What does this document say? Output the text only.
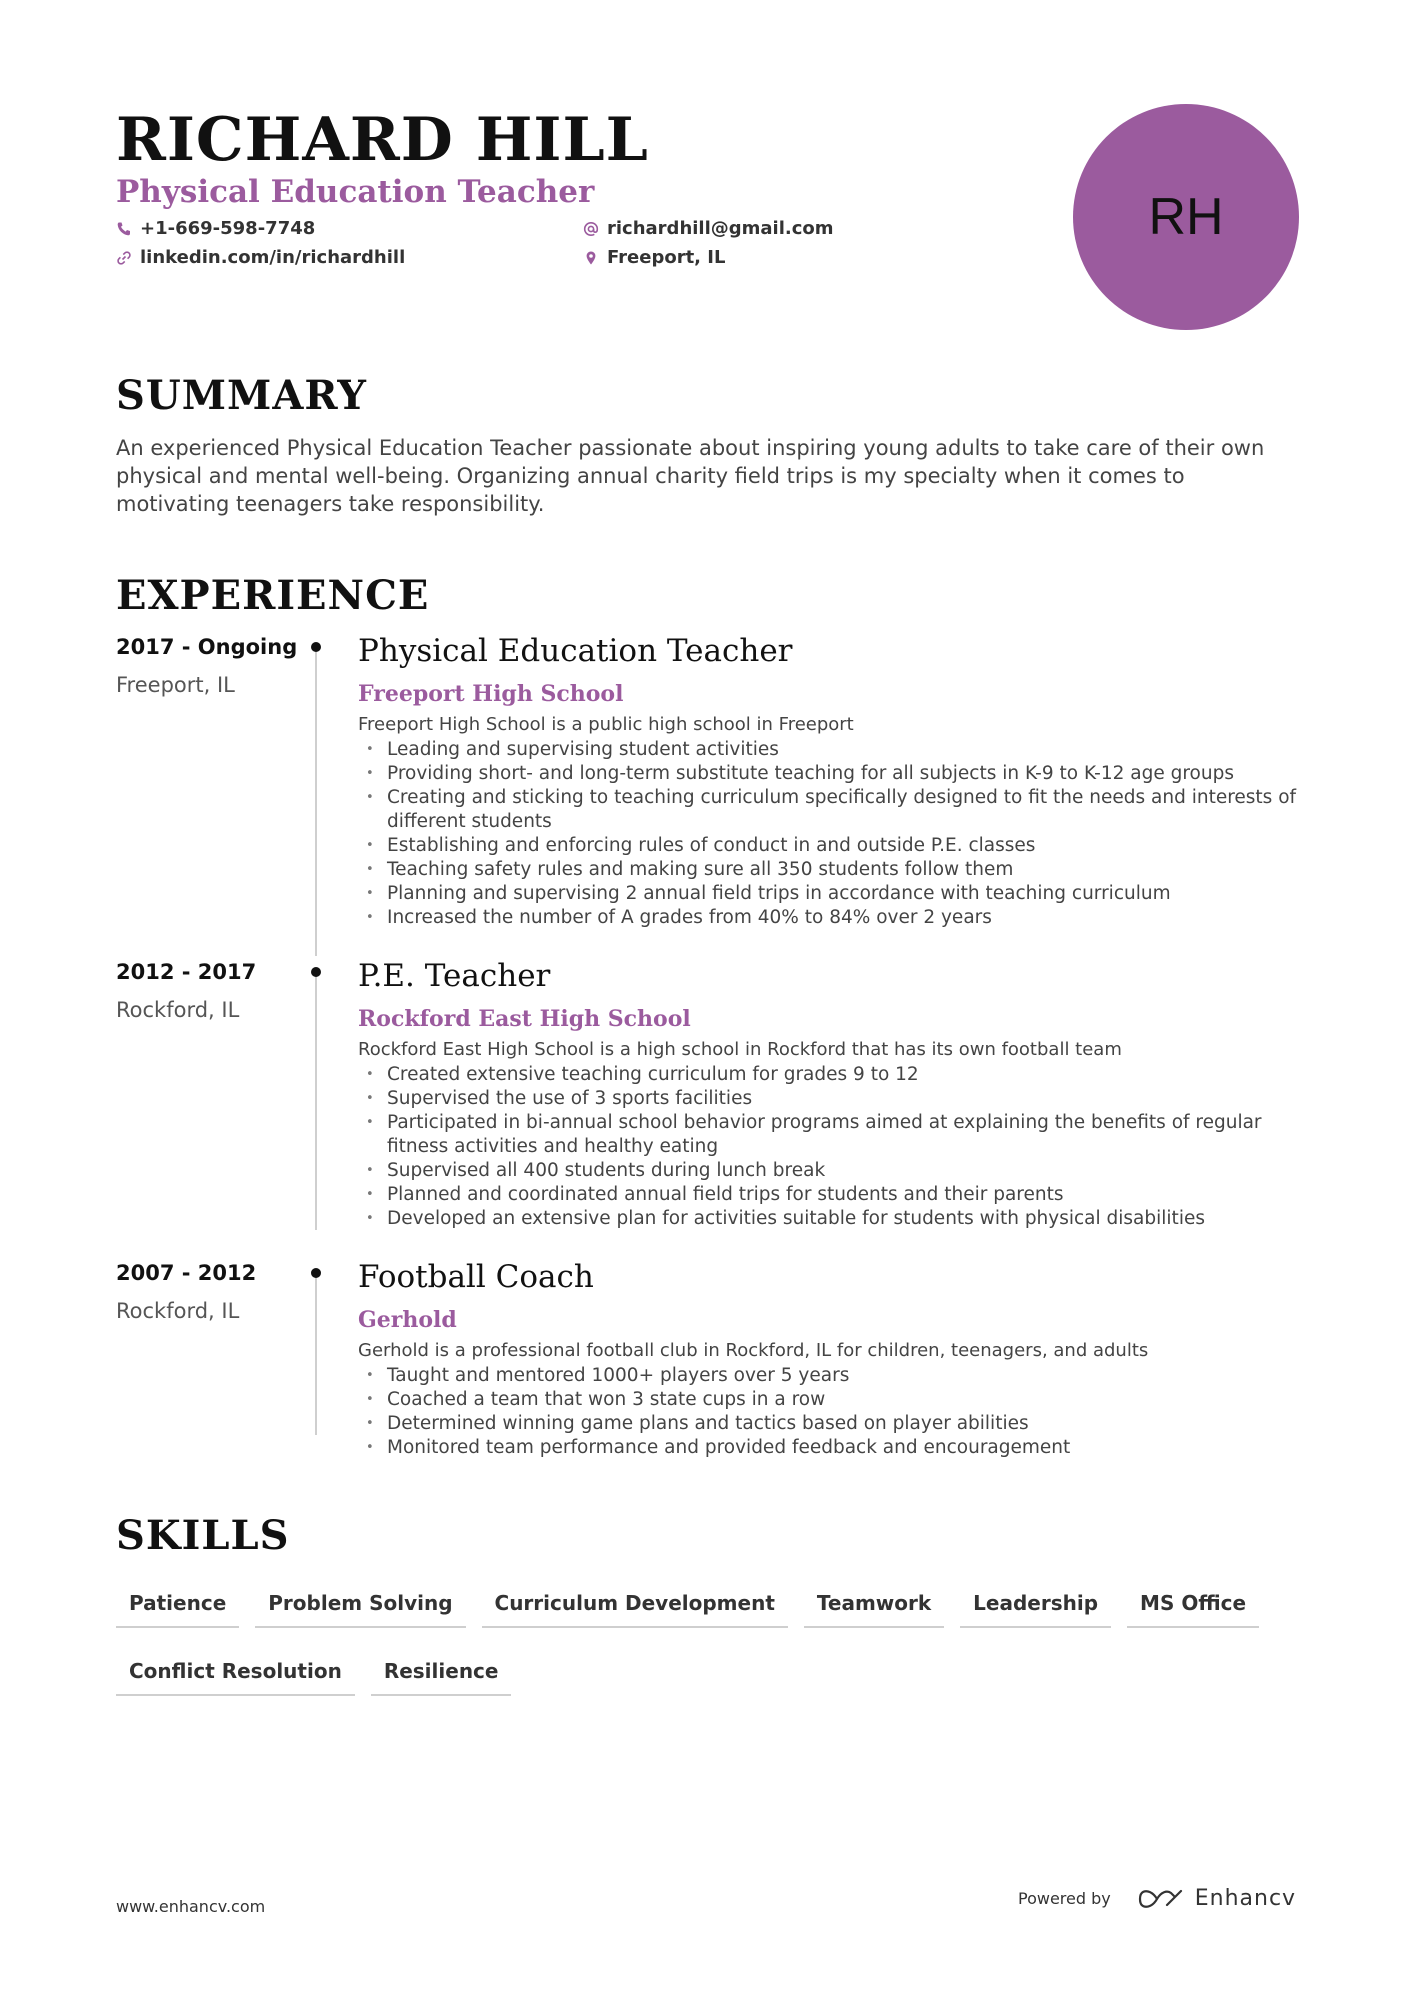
RICHARD HILL
Physical Education Teacher
+1-669-598-7748	richardhill@gmail.com
linkedin.com/in/richardhill	Freeport, IL
RH
SUMMARY

An experienced Physical Education Teacher passionate about inspiring young adults to take care of their own physical and mental well-being. Organizing annual charity field trips is my specialty when it comes to motivating teenagers take responsibility.

EXPERIENCE
2017 - Ongoing
Freeport, IL
Physical Education Teacher
Freeport High School
Freeport High School is a public high school in Freeport
• Leading and supervising student activities
• Providing short- and long-term substitute teaching for all subjects in K-9 to K-12 age groups
• Creating and sticking to teaching curriculum specifically designed to fit the needs and interests of different students
• Establishing and enforcing rules of conduct in and outside P.E. classes
• Teaching safety rules and making sure all 350 students follow them
• Planning and supervising 2 annual field trips in accordance with teaching curriculum
• Increased the number of A grades from 40% to 84% over 2 years
2012 - 2017
Rockford, IL
P.E. Teacher
Rockford East High School
Rockford East High School is a high school in Rockford that has its own football team
• Created extensive teaching curriculum for grades 9 to 12
• Supervised the use of 3 sports facilities
• Participated in bi-annual school behavior programs aimed at explaining the benefits of regular fitness activities and healthy eating
• Supervised all 400 students during lunch break
• Planned and coordinated annual field trips for students and their parents
• Developed an extensive plan for activities suitable for students with physical disabilities
2007 - 2012
Rockford, IL
Football Coach
Gerhold
Gerhold is a professional football club in Rockford, IL for children, teenagers, and adults
• Taught and mentored 1000+ players over 5 years
• Coached a team that won 3 state cups in a row
• Determined winning game plans and tactics based on player abilities
• Monitored team performance and provided feedback and encouragement
SKILLS
Patience	Problem Solving	Curriculum Development	Teamwork	Leadership	MS Office
Conflict Resolution	Resilience
www.enhancv.com	Powered by	Enhancv
